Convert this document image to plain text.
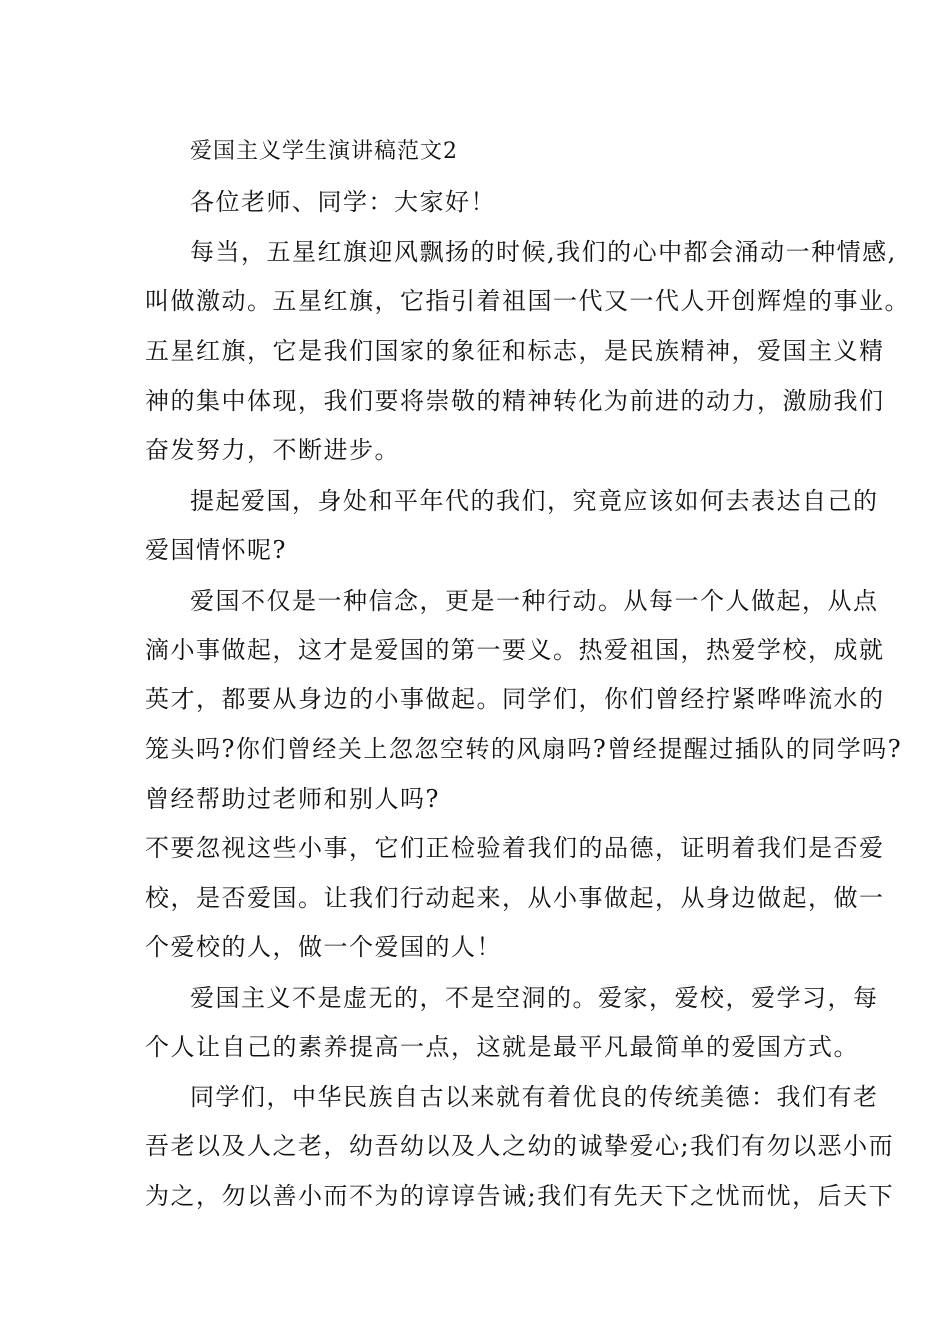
爱国主义学生演讲稿范文2
各位老师、同学：大家好！
每当，五星红旗迎风飘扬的时候,我们的心中都会涌动一种情感,
叫做激动。五星红旗，它指引着祖国一代又一代人开创辉煌的事业。
五星红旗，它是我们国家的象征和标志，是民族精神，爱国主义精
神的集中体现，我们要将崇敬的精神转化为前进的动力，激励我们
奋发努力，不断进步。
提起爱国，身处和平年代的我们，究竟应该如何去表达自己的
爱国情怀呢?
爱国不仅是一种信念，更是一种行动。从每一个人做起，从点
滴小事做起，这才是爱国的第一要义。热爱祖国，热爱学校，成就
英才，都要从身边的小事做起。同学们，你们曾经拧紧哗哗流水的
笼头吗?你们曾经关上忽忽空转的风扇吗?曾经提醒过插队的同学吗?
曾经帮助过老师和别人吗?
不要忽视这些小事，它们正检验着我们的品德，证明着我们是否爱
校，是否爱国。让我们行动起来，从小事做起，从身边做起，做一
个爱校的人，做一个爱国的人！
爱国主义不是虚无的，不是空洞的。爱家，爱校，爱学习，每
个人让自己的素养提高一点，这就是最平凡最简单的爱国方式。
同学们，中华民族自古以来就有着优良的传统美德：我们有老
吾老以及人之老，幼吾幼以及人之幼的诚挚爱心;我们有勿以恶小而
为之，勿以善小而不为的谆谆告诫;我们有先天下之忧而忧，后天下
